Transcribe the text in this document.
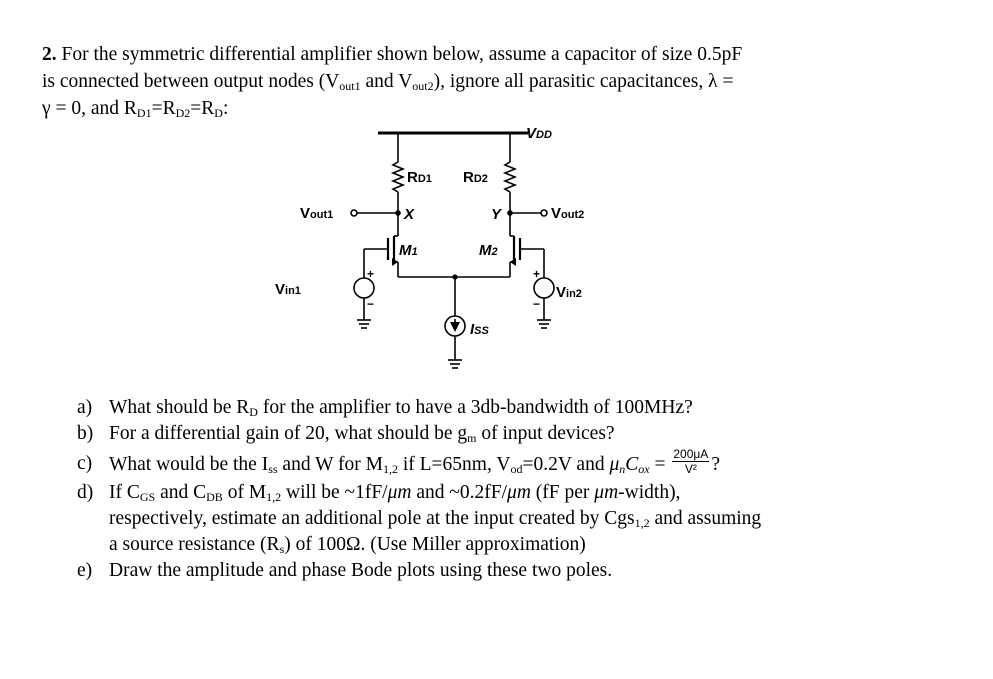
2. For the symmetric differential amplifier shown below, assume a capacitor of size 0.5pF
is connected between output nodes ($V_{out1}$ and $V_{out2}$), ignore all parasitic capacitances, λ =
γ = 0, and $R_{D1}=R_{D2}=R_D$:
VDD
RD1 RD2
Vout1	Vout2
X	Y
M1	M2
Vin1	Vin2
ISS
+
−
+
−
a) What should be $R_D$ for the amplifier to have a 3db-bandwidth of 100MHz?
b) For a differential gain of 20, what should be $g_m$ of input devices?
c) What would be the $I_{ss}$ and W for $M_{1,2}$ if L=65nm, $V_{od}=0.2V$ and $\mu_nC_{ox} = \frac{200\mu A}{\text{V²}}$ ?
d) If $C_{GS}$ and $C_{DB}$ of $M_{1,2}$ will be ~1fF/μm and ~0.2fF/μm (fF per μm-width),
respectively, estimate an additional pole at the input created by Cgs$_{1,2}$ and assuming
a source resistance $(R_s)$ of 100Ω. (Use Miller approximation)
e) Draw the amplitude and phase Bode plots using these two poles.
